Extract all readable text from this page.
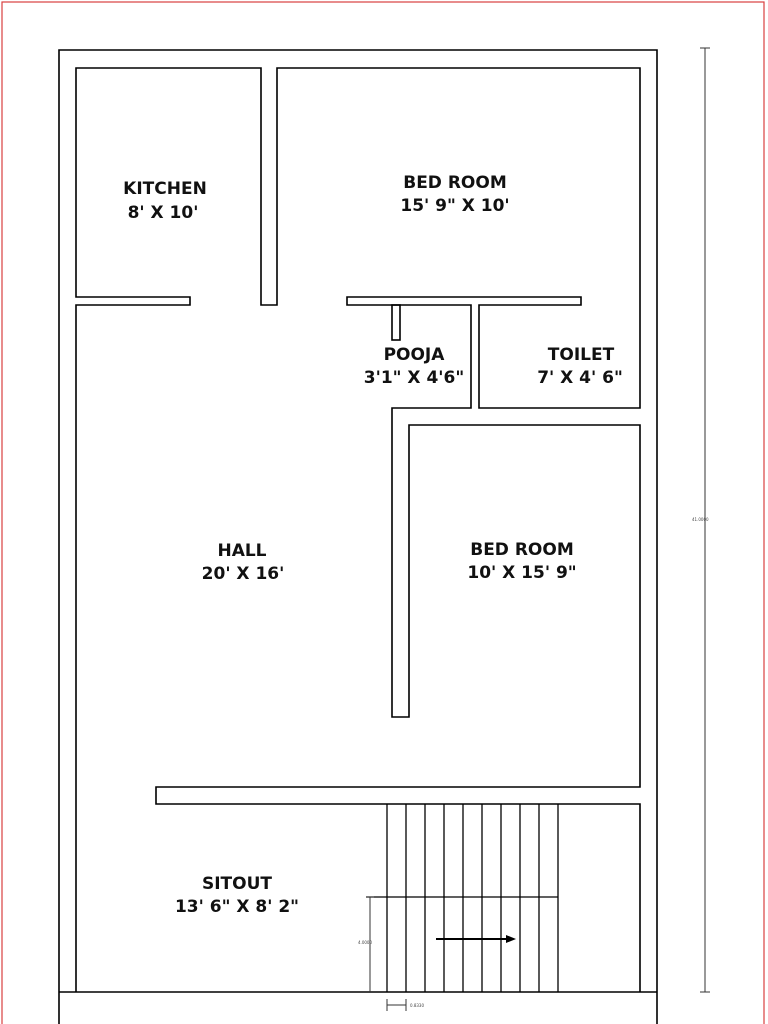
41.0000
4.0000
0.8330
KITCHEN
8' X 10'
BED ROOM
15' 9" X 10'
POOJA
3'1" X 4'6"
TOILET
7' X 4' 6"
HALL
20' X 16'
BED ROOM
10' X 15' 9"
SITOUT
13' 6" X 8' 2"
